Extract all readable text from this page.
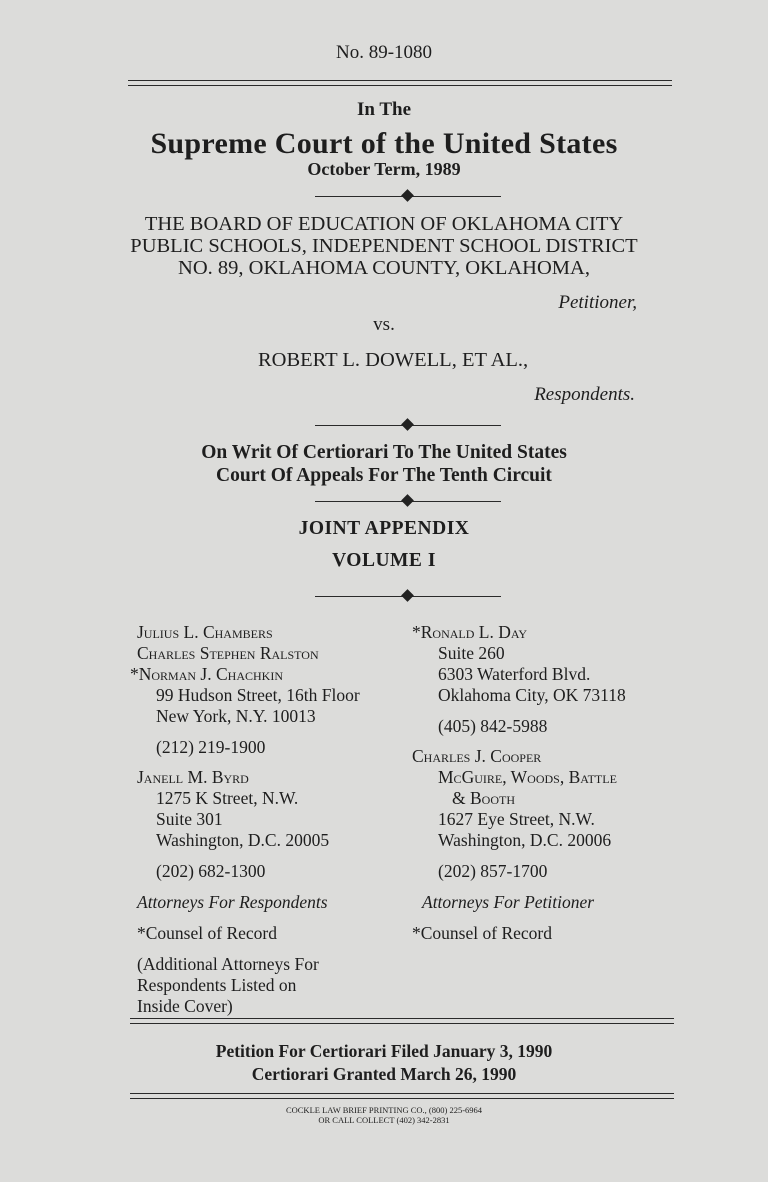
No. 89-1080
In The
Supreme Court of the United States
October Term, 1989
THE BOARD OF EDUCATION OF OKLAHOMA CITY
PUBLIC SCHOOLS, INDEPENDENT SCHOOL DISTRICT
NO. 89, OKLAHOMA COUNTY, OKLAHOMA,
Petitioner,
vs.
ROBERT L. DOWELL, ET AL.,
Respondents.
On Writ Of Certiorari To The United States
Court Of Appeals For The Tenth Circuit
JOINT APPENDIX
VOLUME I
Julius L. Chambers
Charles Stephen Ralston
*Norman J. Chachkin
99 Hudson Street, 16th Floor
New York, N.Y. 10013
(212) 219-1900
Janell M. Byrd
1275 K Street, N.W.
Suite 301
Washington, D.C. 20005
(202) 682-1300
Attorneys For Respondents
*Counsel of Record
(Additional Attorneys For
Respondents Listed on
Inside Cover)
*Ronald L. Day
Suite 260
6303 Waterford Blvd.
Oklahoma City, OK 73118
(405) 842-5988
Charles J. Cooper
McGuire, Woods, Battle
& Booth
1627 Eye Street, N.W.
Washington, D.C. 20006
(202) 857-1700
Attorneys For Petitioner
*Counsel of Record
Petition For Certiorari Filed January 3, 1990
Certiorari Granted March 26, 1990
COCKLE LAW BRIEF PRINTING CO., (800) 225-6964
OR CALL COLLECT (402) 342-2831
